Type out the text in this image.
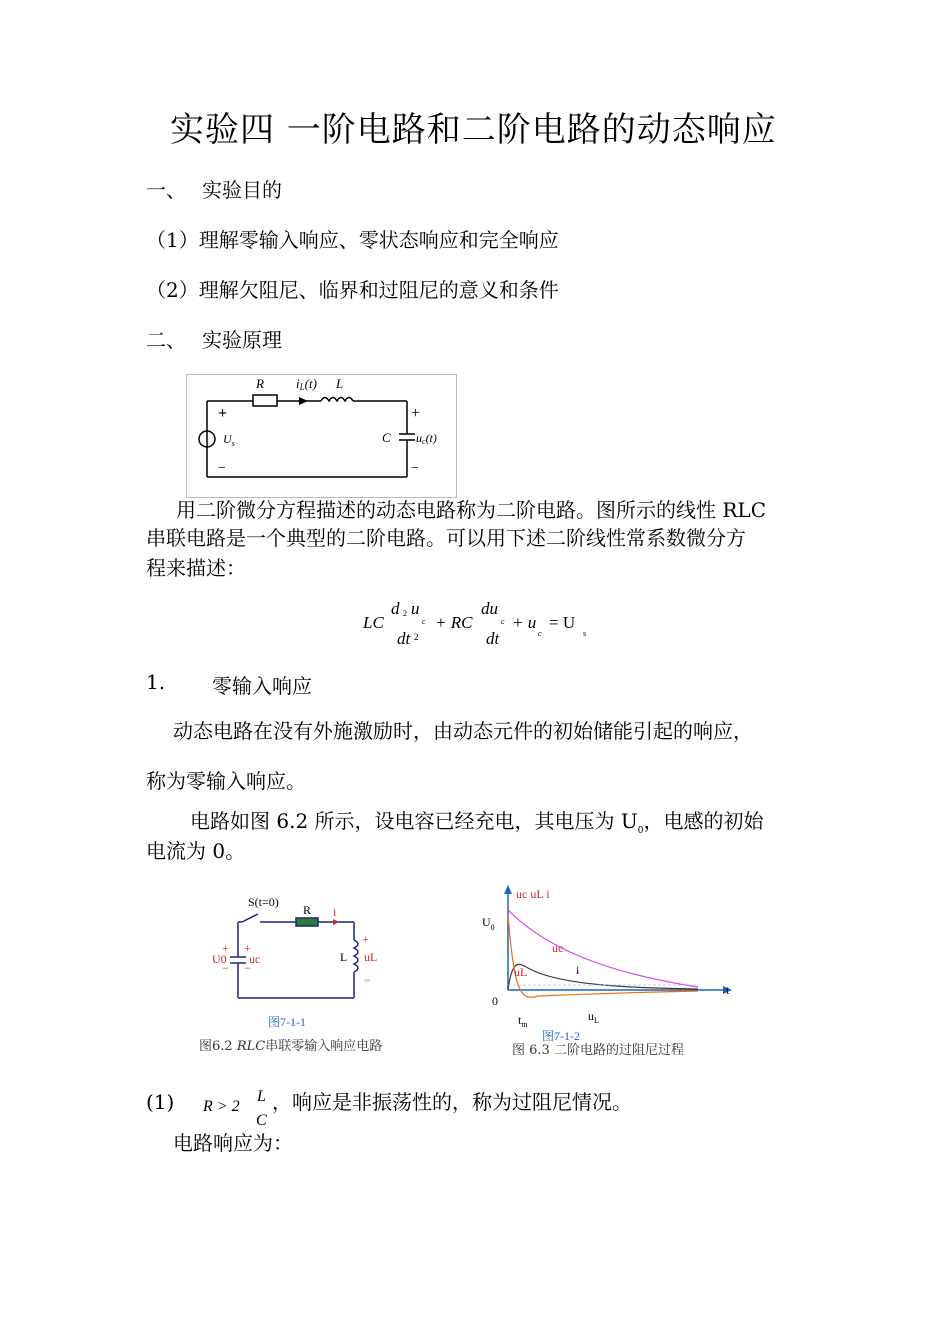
实验四 一阶电路和二阶电路的动态响应
一、 实验目的
（1）理解零输入响应、零状态响应和完全响应
（2）理解欠阻尼、临界和过阻尼的意义和条件
二、 实验原理
R iL(t) L
+
−
$U_s$
+
−
C uc(t)
用二阶微分方程描述的动态电路称为二阶电路。图所示的线性 RLC
串联电路是一个典型的二阶电路。可以用下述二阶线性常系数微分方
程来描述：
LC
d 2 u
c
dt 2
+ RC
du
c
dt
+ u
c
= U
s
1. 零输入响应
动态电路在没有外施激励时，由动态元件的初始储能引起的响应，
称为零输入响应。
电路如图 6.2 所示，设电容已经充电，其电压为 $U_0$，电感的初始
电流为 0。
S(t=0)
R i
U0
+
−
+
uc
−
+
L uL
−
图7-1-1
图6.2 RLC串联零输入响应电路
uc uL i
$U_0$
0
t
uc
i
uL
$t_m$
$u_L$
图7-1-2
图 6.3 二阶电路的过阻尼过程
(1) R > 2
L
C
，响应是非振荡性的，称为过阻尼情况。
电路响应为：
